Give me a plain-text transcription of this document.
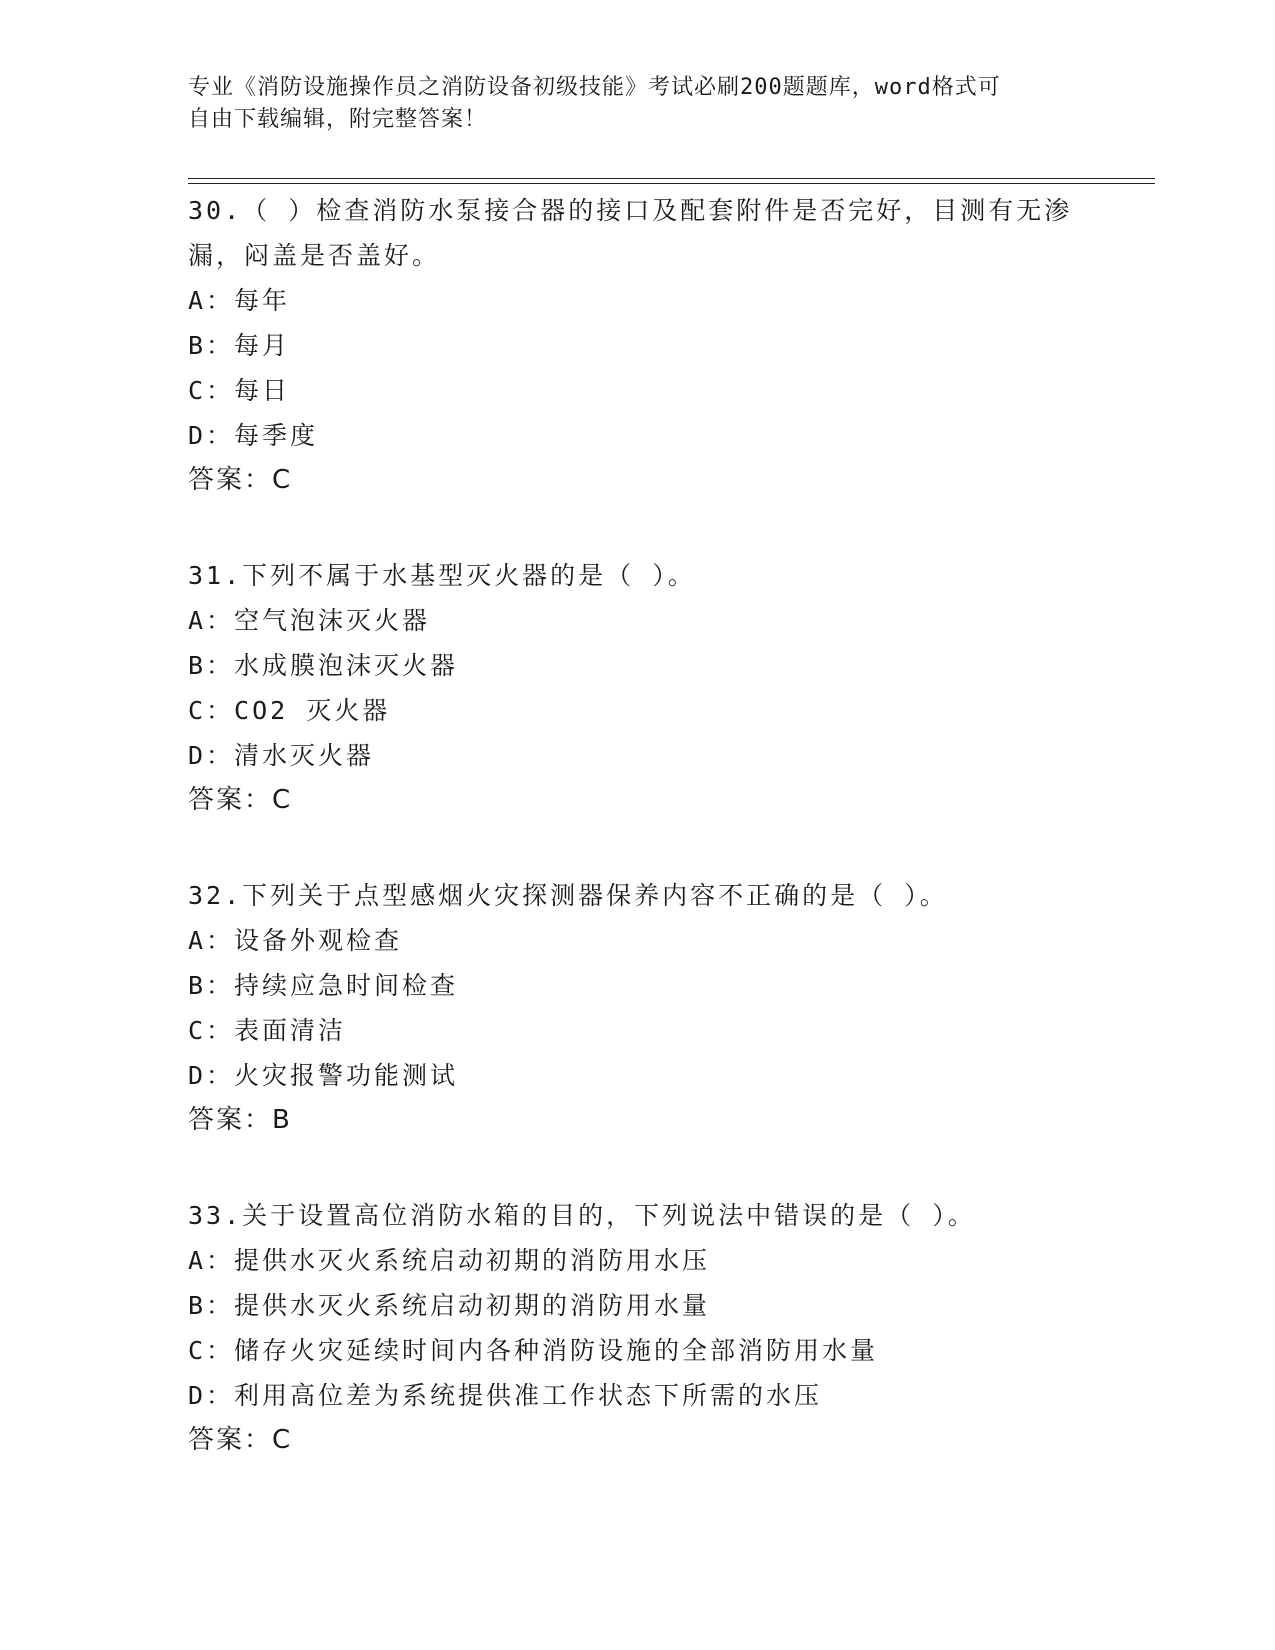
专业《消防设施操作员之消防设备初级技能》考试必刷200题题库，word格式可
自由下载编辑，附完整答案！
30.（ ）检查消防水泵接合器的接口及配套附件是否完好，目测有无渗漏，闷盖是否盖好。
A：每年
B：每月
C：每日
D：每季度
答案：C
31.下列不属于水基型灭火器的是（ ）。
A：空气泡沫灭火器
B：水成膜泡沫灭火器
C：CO2 灭火器
D：清水灭火器
答案：C
32.下列关于点型感烟火灾探测器保养内容不正确的是（ ）。
A：设备外观检查
B：持续应急时间检查
C：表面清洁
D：火灾报警功能测试
答案：B
33.关于设置高位消防水箱的目的，下列说法中错误的是（ ）。
A：提供水灭火系统启动初期的消防用水压
B：提供水灭火系统启动初期的消防用水量
C：储存火灾延续时间内各种消防设施的全部消防用水量
D：利用高位差为系统提供准工作状态下所需的水压
答案：C
